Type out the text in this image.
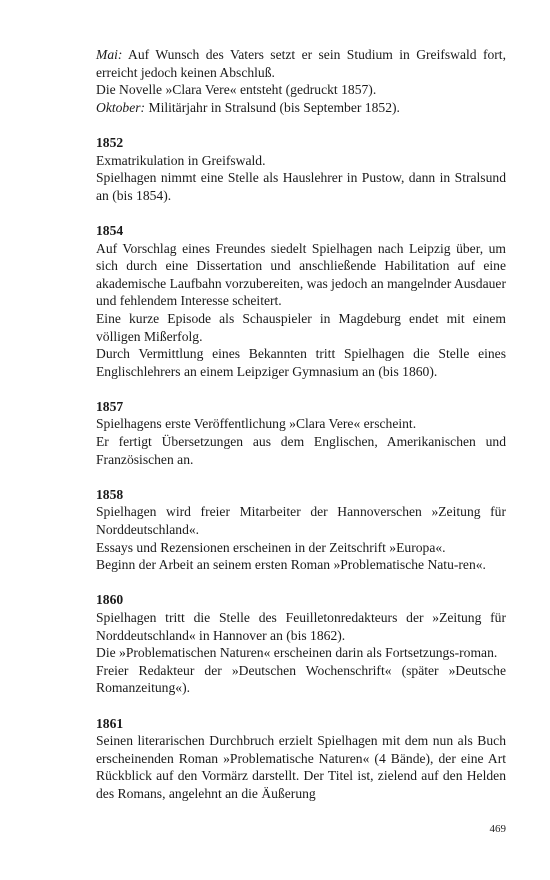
Mai: Auf Wunsch des Vaters setzt er sein Studium in Greifswald fort, erreicht jedoch keinen Abschluß.

Die Novelle »Clara Vere« entsteht (gedruckt 1857).

Oktober: Militärjahr in Stralsund (bis September 1852).

1852

Exmatrikulation in Greifswald.

Spielhagen nimmt eine Stelle als Hauslehrer in Pustow, dann in Stralsund an (bis 1854).

1854

Auf Vorschlag eines Freundes siedelt Spielhagen nach Leipzig über, um sich durch eine Dissertation und anschließende Habilitation auf eine akademische Laufbahn vorzubereiten, was jedoch an mangelnder Ausdauer und fehlendem Interesse scheitert.

Eine kurze Episode als Schauspieler in Magdeburg endet mit einem völligen Mißerfolg.

Durch Vermittlung eines Bekannten tritt Spielhagen die Stelle eines Englischlehrers an einem Leipziger Gymnasium an (bis 1860).

1857

Spielhagens erste Veröffentlichung »Clara Vere« erscheint.

Er fertigt Übersetzungen aus dem Englischen, Amerikanischen und Französischen an.

1858

Spielhagen wird freier Mitarbeiter der Hannoverschen »Zeitung für Norddeutschland«.

Essays und Rezensionen erscheinen in der Zeitschrift »Europa«.

Beginn der Arbeit an seinem ersten Roman »Problematische Natu-ren«.

1860

Spielhagen tritt die Stelle des Feuilletonredakteurs der »Zeitung für Norddeutschland« in Hannover an (bis 1862).

Die »Problematischen Naturen« erscheinen darin als Fortsetzungs-roman.

Freier Redakteur der »Deutschen Wochenschrift« (später »Deutsche Romanzeitung«).

1861

Seinen literarischen Durchbruch erzielt Spielhagen mit dem nun als Buch erscheinenden Roman »Problematische Naturen« (4 Bände), der eine Art Rückblick auf den Vormärz darstellt. Der Titel ist, zielend auf den Helden des Romans, angelehnt an die Äußerung

469
